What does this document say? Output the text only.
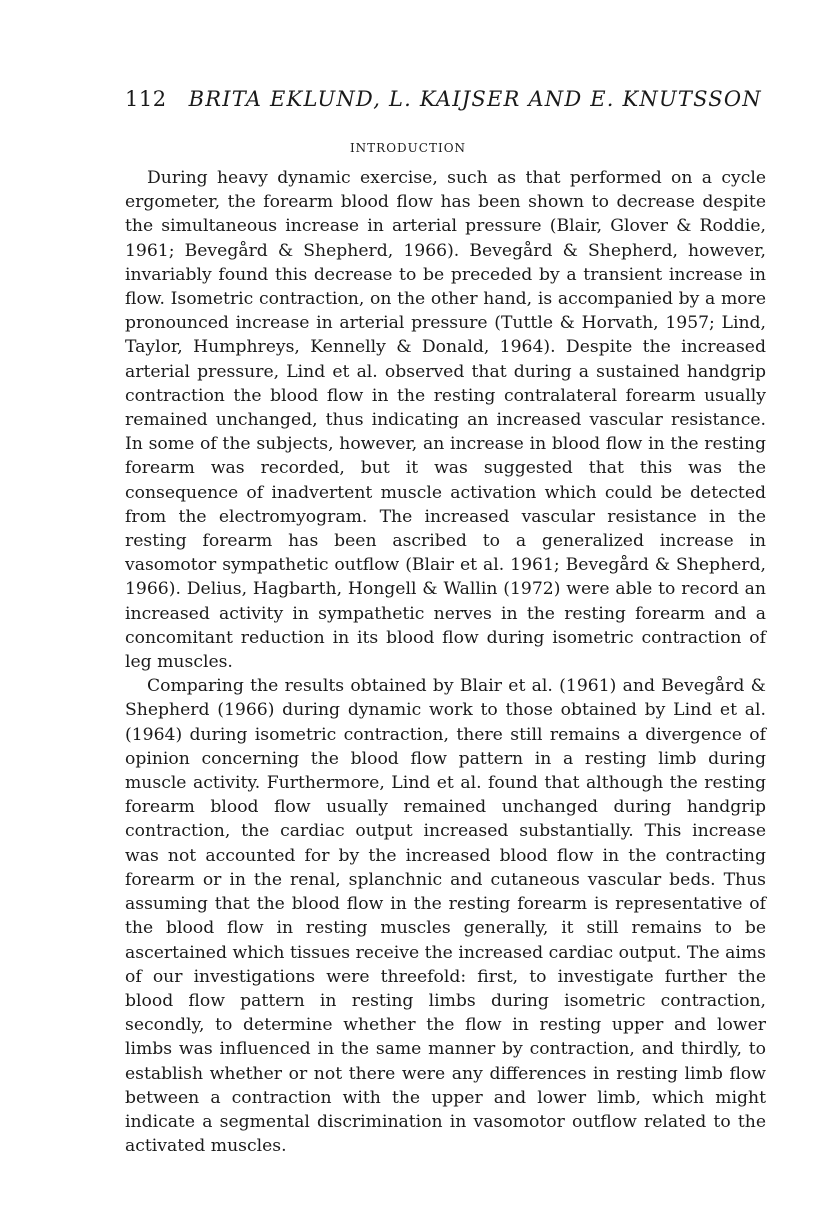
112 BRITA EKLUND, L. KAIJSER AND E. KNUTSSON
INTRODUCTION

During heavy dynamic exercise, such as that performed on a cycle ergometer, the forearm blood flow has been shown to decrease despite the simultaneous increase in arterial pressure (Blair, Glover & Roddie, 1961; Bevegård & Shepherd, 1966). Bevegård & Shepherd, however, invariably found this decrease to be preceded by a transient increase in flow. Isometric contraction, on the other hand, is accompanied by a more pronounced increase in arterial pressure (Tuttle & Horvath, 1957; Lind, Taylor, Humphreys, Kennelly & Donald, 1964). Despite the increased arterial pressure, Lind et al. observed that during a sustained handgrip contraction the blood flow in the resting contralateral forearm usually remained unchanged, thus indicating an increased vascular resistance. In some of the subjects, however, an increase in blood flow in the resting forearm was recorded, but it was suggested that this was the consequence of inadvertent muscle activation which could be detected from the electromyogram. The increased vascular resistance in the resting forearm has been ascribed to a generalized increase in vasomotor sympathetic outflow (Blair et al. 1961; Bevegård & Shepherd, 1966). Delius, Hagbarth, Hongell & Wallin (1972) were able to record an increased activity in sympathetic nerves in the resting forearm and a concomitant reduction in its blood flow during isometric contraction of leg muscles.

Comparing the results obtained by Blair et al. (1961) and Bevegård & Shepherd (1966) during dynamic work to those obtained by Lind et al. (1964) during isometric contraction, there still remains a divergence of opinion concerning the blood flow pattern in a resting limb during muscle activity. Furthermore, Lind et al. found that although the resting forearm blood flow usually remained unchanged during handgrip contraction, the cardiac output increased substantially. This increase was not accounted for by the increased blood flow in the contracting forearm or in the renal, splanchnic and cutaneous vascular beds. Thus assuming that the blood flow in the resting forearm is representative of the blood flow in resting muscles generally, it still remains to be ascertained which tissues receive the increased cardiac output. The aims of our investigations were threefold: first, to investigate further the blood flow pattern in resting limbs during isometric contraction, secondly, to determine whether the flow in resting upper and lower limbs was influenced in the same manner by contraction, and thirdly, to establish whether or not there were any differences in resting limb flow between a contraction with the upper and lower limb, which might indicate a segmental discrimination in vasomotor outflow related to the activated muscles.
